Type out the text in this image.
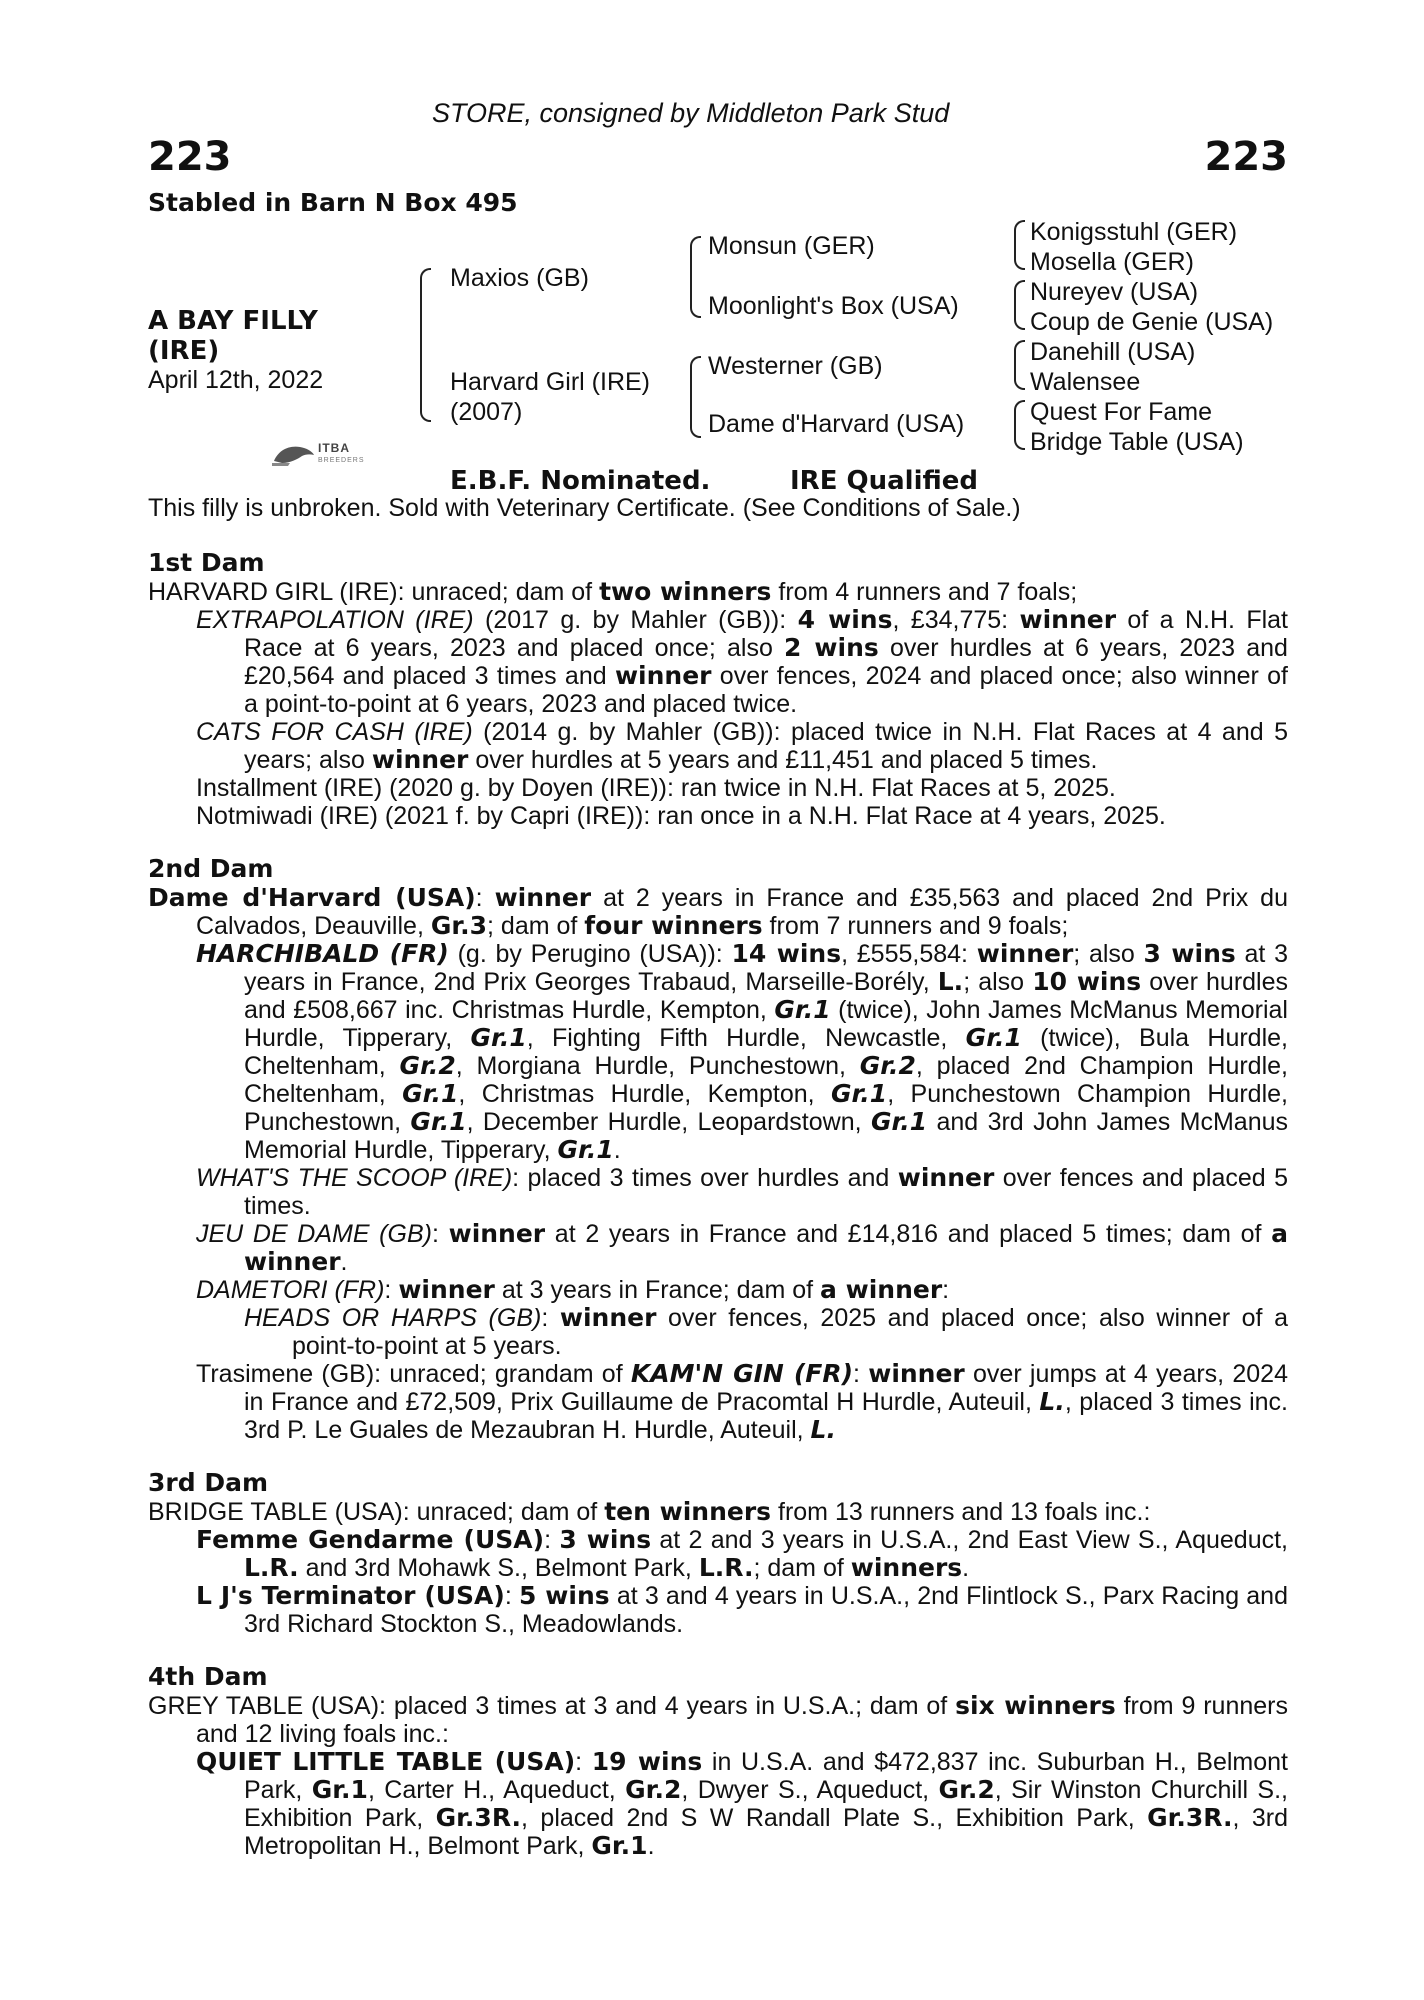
STORE, consigned by Middleton Park Stud
223	223
Stabled in Barn N Box 495
A BAY FILLY
(IRE)
April 12th, 2022
Maxios (GB)
Harvard Girl (IRE)
(2007)
Monsun (GER)
Moonlight's Box (USA)
Westerner (GB)
Dame d'Harvard (USA)
Konigsstuhl (GER)
Mosella (GER)
Nureyev (USA)
Coup de Genie (USA)
Danehill (USA)
Walensee
Quest For Fame
Bridge Table (USA)
ITBA
BREEDERS
E.B.F. Nominated.	IRE Qualified
This filly is unbroken. Sold with Veterinary Certificate. (See Conditions of Sale.)
1st Dam
HARVARD GIRL (IRE): unraced; dam of two winners from 4 runners and 7 foals;
EXTRAPOLATION (IRE) (2017 g. by Mahler (GB)): 4 wins, £34,775: winner of a N.H. Flat Race at 6 years, 2023 and placed once; also 2 wins over hurdles at 6 years, 2023 and £20,564 and placed 3 times and winner over fences, 2024 and placed once; also winner of a point-to-point at 6 years, 2023 and placed twice.
CATS FOR CASH (IRE) (2014 g. by Mahler (GB)): placed twice in N.H. Flat Races at 4 and 5 years; also winner over hurdles at 5 years and £11,451 and placed 5 times.
Installment (IRE) (2020 g. by Doyen (IRE)): ran twice in N.H. Flat Races at 5, 2025.
Notmiwadi (IRE) (2021 f. by Capri (IRE)): ran once in a N.H. Flat Race at 4 years, 2025.
2nd Dam
Dame d'Harvard (USA): winner at 2 years in France and £35,563 and placed 2nd Prix du Calvados, Deauville, Gr.3; dam of four winners from 7 runners and 9 foals;
HARCHIBALD (FR) (g. by Perugino (USA)): 14 wins, £555,584: winner; also 3 wins at 3 years in France, 2nd Prix Georges Trabaud, Marseille-Borély, L.; also 10 wins over hurdles and £508,667 inc. Christmas Hurdle, Kempton, Gr.1 (twice), John James McManus Memorial Hurdle, Tipperary, Gr.1, Fighting Fifth Hurdle, Newcastle, Gr.1 (twice), Bula Hurdle, Cheltenham, Gr.2, Morgiana Hurdle, Punchestown, Gr.2, placed 2nd Champion Hurdle, Cheltenham, Gr.1, Christmas Hurdle, Kempton, Gr.1, Punchestown Champion Hurdle, Punchestown, Gr.1, December Hurdle, Leopardstown, Gr.1 and 3rd John James McManus Memorial Hurdle, Tipperary, Gr.1.
WHAT'S THE SCOOP (IRE): placed 3 times over hurdles and winner over fences and placed 5 times.
JEU DE DAME (GB): winner at 2 years in France and £14,816 and placed 5 times; dam of a winner.
DAMETORI (FR): winner at 3 years in France; dam of a winner:
HEADS OR HARPS (GB): winner over fences, 2025 and placed once; also winner of a point-to-point at 5 years.
Trasimene (GB): unraced; grandam of KAM'N GIN (FR): winner over jumps at 4 years, 2024 in France and £72,509, Prix Guillaume de Pracomtal H Hurdle, Auteuil, L., placed 3 times inc. 3rd P. Le Guales de Mezaubran H. Hurdle, Auteuil, L.
3rd Dam
BRIDGE TABLE (USA): unraced; dam of ten winners from 13 runners and 13 foals inc.:
Femme Gendarme (USA): 3 wins at 2 and 3 years in U.S.A., 2nd East View S., Aqueduct, L.R. and 3rd Mohawk S., Belmont Park, L.R.; dam of winners.
L J's Terminator (USA): 5 wins at 3 and 4 years in U.S.A., 2nd Flintlock S., Parx Racing and 3rd Richard Stockton S., Meadowlands.
4th Dam
GREY TABLE (USA): placed 3 times at 3 and 4 years in U.S.A.; dam of six winners from 9 runners and 12 living foals inc.:
QUIET LITTLE TABLE (USA): 19 wins in U.S.A. and $472,837 inc. Suburban H., Belmont Park, Gr.1, Carter H., Aqueduct, Gr.2, Dwyer S., Aqueduct, Gr.2, Sir Winston Churchill S., Exhibition Park, Gr.3R., placed 2nd S W Randall Plate S., Exhibition Park, Gr.3R., 3rd Metropolitan H., Belmont Park, Gr.1.
